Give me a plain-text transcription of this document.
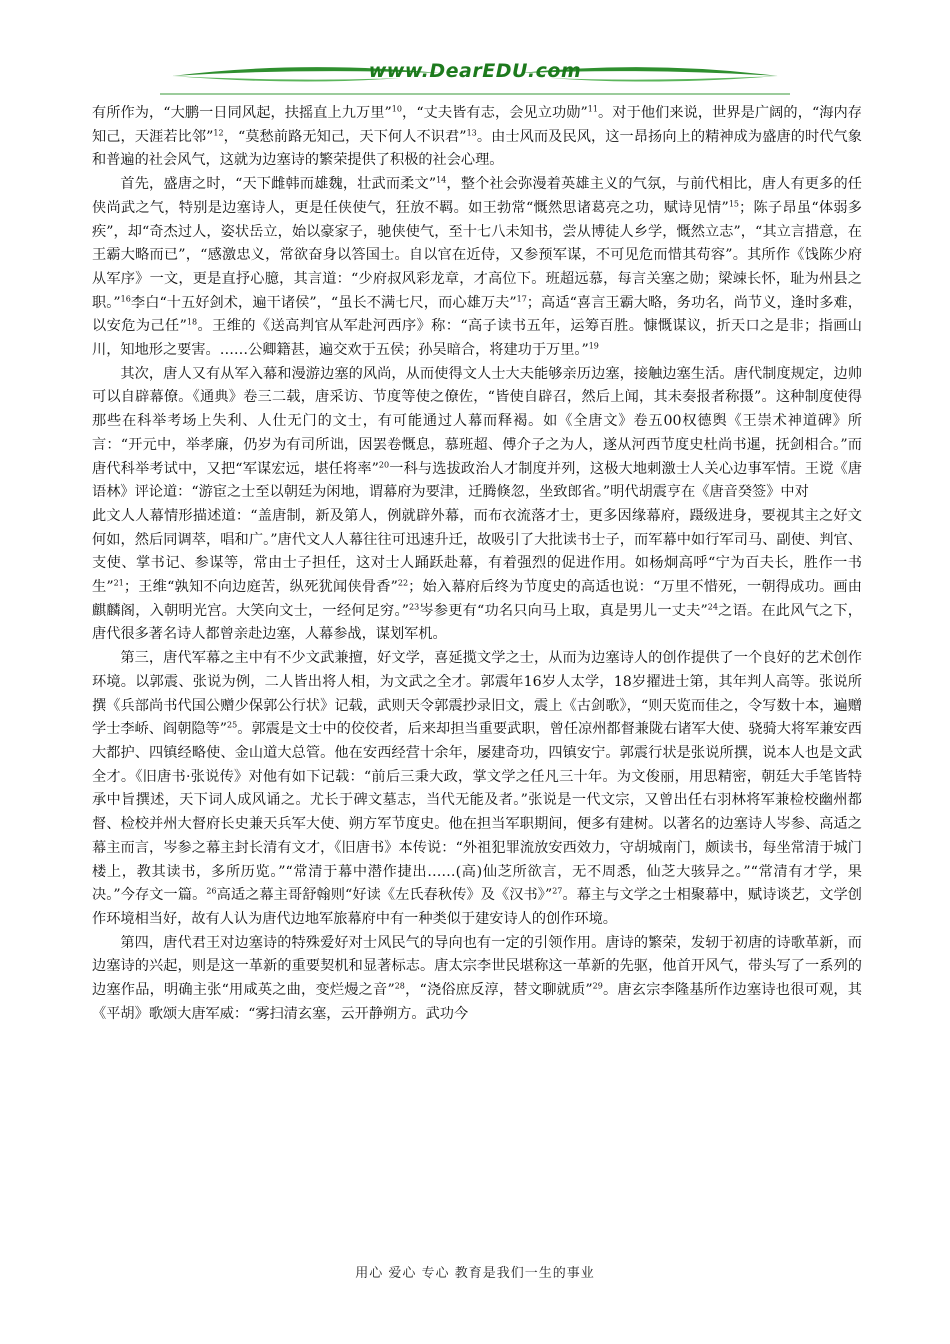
www.DearEDU.com

有所作为，“大鹏一日同风起，扶摇直上九万里”$^{10}$，“丈夫皆有志，会见立功勋”$^{11}$。对于他们来说，世界是广阔的，“海内存知己，天涯若比邻”$^{12}$，“莫愁前路无知己，天下何人不识君”$^{13}$。由士风而及民风，这一昂扬向上的精神成为盛唐的时代气象和普遍的社会风气，这就为边塞诗的繁荣提供了积极的社会心理。

首先，盛唐之时，“天下雌韩而雄魏，壮武而柔文”$^{14}$，整个社会弥漫着英雄主义的气氛，与前代相比，唐人有更多的任侠尚武之气，特别是边塞诗人，更是任侠使气，狂放不羁。如王勃常“慨然思诸葛亮之功，赋诗见情”$^{15}$；陈子昂虽“体弱多疾”，却“奇杰过人，姿状岳立，始以豪家子，驰侠使气，至十七八未知书，尝从博徒人乡学，慨然立志”，“其立言措意，在王霸大略而已”，“感激忠义，常欲奋身以答国士。自以官在近侍，又参预军谋，不可见危而惜其苟容”。其所作《饯陈少府从军序》一文，更是直抒心臆，其言道：“少府叔风彩龙章，才高位下。班超远慕，每言关塞之勋；梁竦长怀，耻为州县之职。”$^{16}$李白“十五好剑术，遍干诸侯”，“虽长不满七尺，而心雄万夫”$^{17}$；高适“喜言王霸大略，务功名，尚节义，逢时多难，以安危为己任”$^{18}$。王维的《送高判官从军赴河西序》称：“高子读书五年，运筹百胜。慷慨谋议，折天口之是非；指画山川，知地形之要害。……公卿籍甚，遍交欢于五侯；孙吴暗合，将建功于万里。”$^{19}$

其次，唐人又有从军入幕和漫游边塞的风尚，从而使得文人士大夫能够亲历边塞，接触边塞生活。唐代制度规定，边帅可以自辟幕僚。《通典》卷三二载，唐采访、节度等使之僚佐，“皆使自辟召，然后上闻，其未奏报者称摄”。这种制度使得那些在科举考场上失利、人仕无门的文士，有可能通过人幕而释褐。如《全唐文》卷五00权德舆《王崇术神道碑》所言：“开元中，举孝廉，仍岁为有司所诎，因罢卷慨息，慕班超、傅介子之为人，遂从河西节度史杜尚书暹，抚剑相合。”而唐代科举考试中，又把“军谋宏远，堪任将率”$^{20}$一科与选拔政治人才制度并列，这极大地刺激士人关心边事军情。王谠《唐语林》评论道：“游宦之士至以朝廷为闲地，谓幕府为要津，迁腾倏忽，坐致郎省。”明代胡震亨在《唐音癸签》中对

此文人人幕情形描述道：“盖唐制，新及第人，例就辟外幕，而布衣流落才士，更多因缘幕府，蹑级进身，要视其主之好文何如，然后同调萃，唱和广。”唐代文人人幕往往可迅速升迁，故吸引了大批读书士子，而军幕中如行军司马、副使、判官、支使、掌书记、参谋等，常由士子担任，这对士人踊跃赴幕，有着强烈的促进作用。如杨炯高呼“宁为百夫长，胜作一书生”$^{21}$；王维“孰知不向边庭苦，纵死犹闻侠骨香”$^{22}$；始入幕府后终为节度史的高适也说：“万里不惜死，一朝得成功。画由麒麟阁，入朝明光宫。大笑向文士，一经何足穷。”$^{23}$岑参更有“功名只向马上取，真是男儿一丈夫”$^{24}$之语。在此风气之下，唐代很多著名诗人都曾亲赴边塞，人幕参战，谋划军机。

第三，唐代军幕之主中有不少文武兼擅，好文学，喜延揽文学之士，从而为边塞诗人的创作提供了一个良好的艺术创作环境。以郭震、张说为例，二人皆出将人相，为文武之全才。郭震年16岁人太学，18岁擢进士第，其年判人高等。张说所撰《兵部尚书代国公赠少保郭公行状》记载，武则天令郭震抄录旧文，震上《古剑歌》，“则天览而佳之，令写数十本，遍赠学士李峤、阎朝隐等”$^{25}$。郭震是文士中的佼佼者，后来却担当重要武职，曾任凉州都督兼陇右诸军大使、骁骑大将军兼安西大都护、四镇经略使、金山道大总管。他在安西经营十余年，屡建奇功，四镇安宁。郭震行状是张说所撰，说本人也是文武全才。《旧唐书·张说传》对他有如下记载：“前后三秉大政，掌文学之任凡三十年。为文俊丽，用思精密，朝廷大手笔皆特承中旨撰述，天下词人成风诵之。尤长于碑文墓志，当代无能及者。”张说是一代文宗，又曾出任右羽林将军兼检校幽州都督、检校并州大督府长史兼天兵军大使、朔方军节度史。他在担当军职期间，便多有建树。以著名的边塞诗人岑参、高适之幕主而言，岑参之幕主封长清有文才，《旧唐书》本传说：“外祖犯罪流放安西效力，守胡城南门，颇读书，每坐常清于城门楼上，教其读书，多所历览。”“常清于幕中潜作捷出……(高)仙芝所欲言，无不周悉，仙芝大骇异之。”“常清有才学，果决。”今存文一篇。$^{26}$高适之幕主哥舒翰则“好读《左氏春秋传》及《汉书》”$^{27}$。幕主与文学之士相聚幕中，赋诗谈艺，文学创作环境相当好，故有人认为唐代边地军旅幕府中有一种类似于建安诗人的创作环境。

第四，唐代君王对边塞诗的特殊爱好对士风民气的导向也有一定的引领作用。唐诗的繁荣，发轫于初唐的诗歌革新，而边塞诗的兴起，则是这一革新的重要契机和显著标志。唐太宗李世民堪称这一革新的先驱，他首开风气，带头写了一系列的边塞作品，明确主张“用咸英之曲，变烂熳之音”$^{28}$，“浇俗庶反淳，替文聊就质”$^{29}$。唐玄宗李隆基所作边塞诗也很可观，其《平胡》歌颂大唐军威：“雾扫清玄塞，云开静朔方。武功今

用心 爱心 专心 教育是我们一生的事业
